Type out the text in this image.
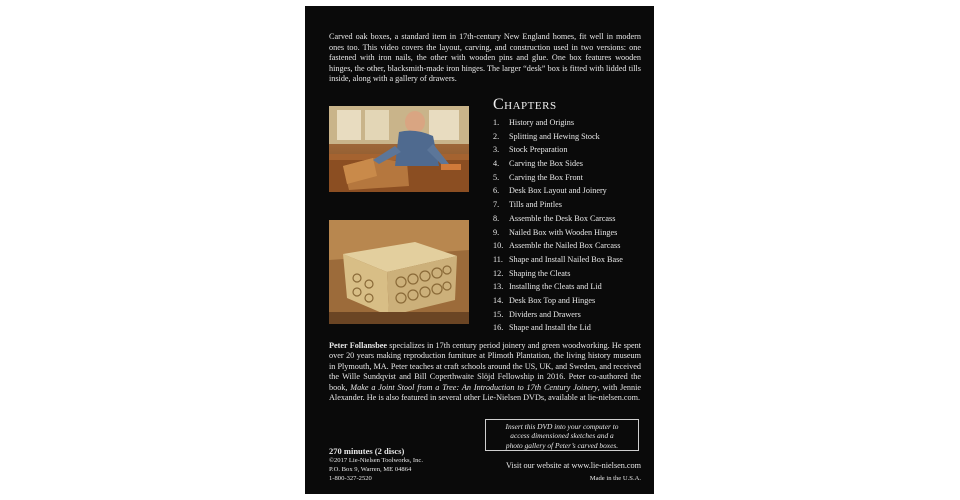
Carved oak boxes, a standard item in 17th-century New England homes, fit well in modern ones too. This video covers the layout, carving, and construction used in two versions: one fastened with iron nails, the other with wooden pins and glue. One box features wooden hinges, the other, blacksmith-made iron hinges. The larger “desk” box is fitted with lidded tills inside, along with a gallery of drawers.

Chapters
1. History and Origins
2. Splitting and Hewing Stock
3. Stock Preparation
4. Carving the Box Sides
5. Carving the Box Front
6. Desk Box Layout and Joinery
7. Tills and Pintles
8. Assemble the Desk Box Carcass
9. Nailed Box with Wooden Hinges
10. Assemble the Nailed Box Carcass
11. Shape and Install Nailed Box Base
12. Shaping the Cleats
13. Installing the Cleats and Lid
14. Desk Box Top and Hinges
15. Dividers and Drawers
16. Shape and Install the Lid

Peter Follansbee specializes in 17th century period joinery and green woodworking. He spent over 20 years making reproduction furniture at Plimoth Plantation, the living history museum in Plymouth, MA. Peter teaches at craft schools around the US, UK, and Sweden, and received the Wille Sundqvist and Bill Coperthwaite Slöjd Fellowship in 2016. Peter co-authored the book, Make a Joint Stool from a Tree: An Introduction to 17th Century Joinery, with Jennie Alexander. He is also featured in several other Lie-Nielsen DVDs, available at lie-nielsen.com.

270 minutes (2 discs)

©2017 Lie-Nielsen Toolworks, Inc.

P.O. Box 9, Warren, ME 04864

1-800-327-2520

Insert this DVD into your computer to
access dimensioned sketches and a
photo gallery of Peter’s carved boxes.

Visit our website at www.lie-nielsen.com

Made in the U.S.A.
